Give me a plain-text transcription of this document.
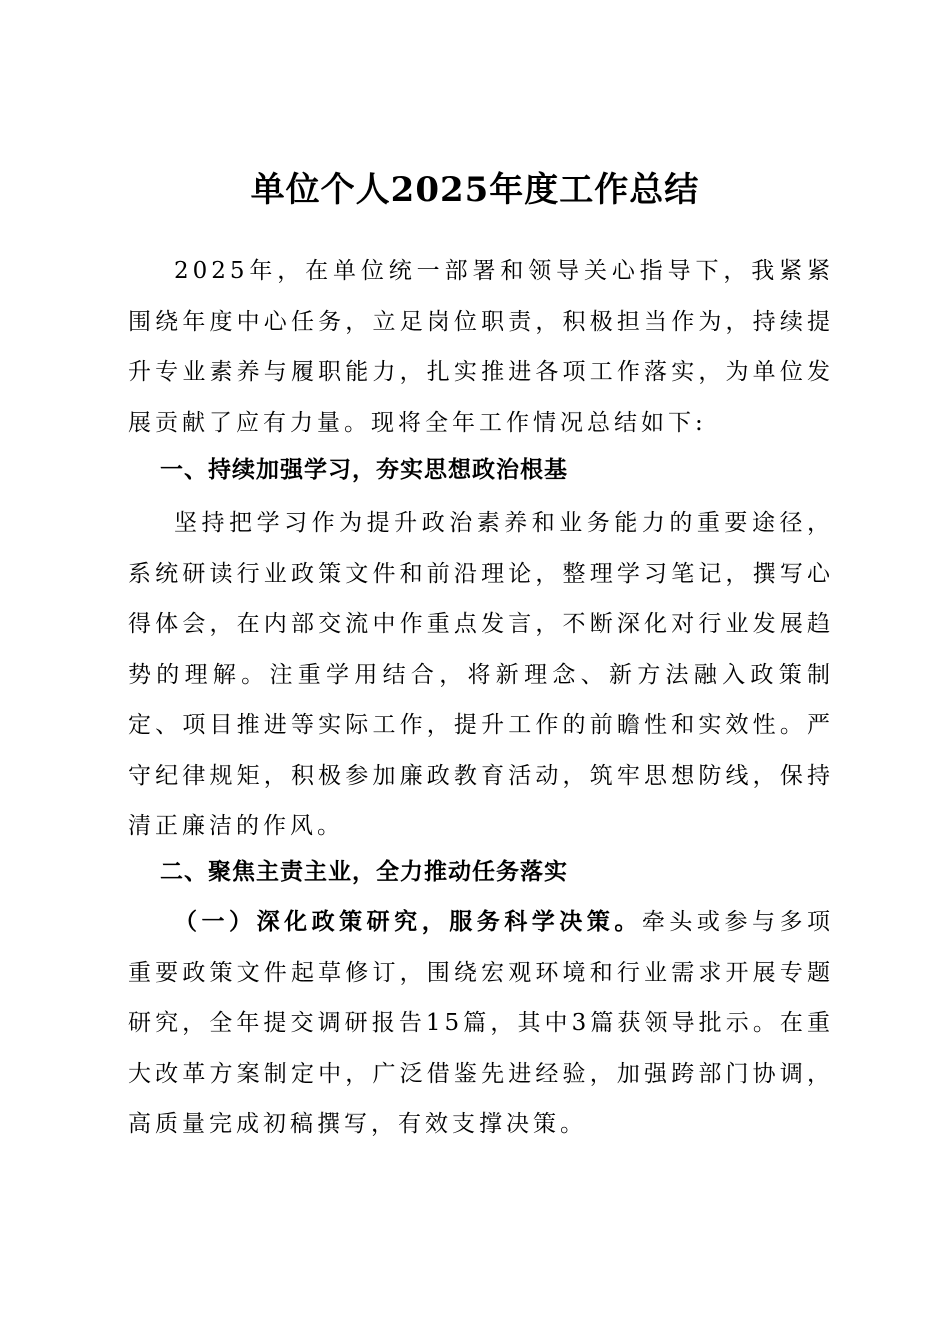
单位个人2025年度工作总结

2025年，在单位统一部署和领导关心指导下，我紧紧围绕年度中心任务，立足岗位职责，积极担当作为，持续提升专业素养与履职能力，扎实推进各项工作落实，为单位发展贡献了应有力量。现将全年工作情况总结如下:

一、持续加强学习，夯实思想政治根基

坚持把学习作为提升政治素养和业务能力的重要途径，系统研读行业政策文件和前沿理论，整理学习笔记，撰写心得体会，在内部交流中作重点发言，不断深化对行业发展趋势的理解。注重学用结合，将新理念、新方法融入政策制定、项目推进等实际工作，提升工作的前瞻性和实效性。严守纪律规矩，积极参加廉政教育活动，筑牢思想防线，保持清正廉洁的作风。

二、聚焦主责主业，全力推动任务落实

（一）深化政策研究，服务科学决策。牵头或参与多项重要政策文件起草修订，围绕宏观环境和行业需求开展专题研究，全年提交调研报告15篇，其中3篇获领导批示。在重大改革方案制定中，广泛借鉴先进经验，加强跨部门协调，高质量完成初稿撰写，有效支撑决策。
